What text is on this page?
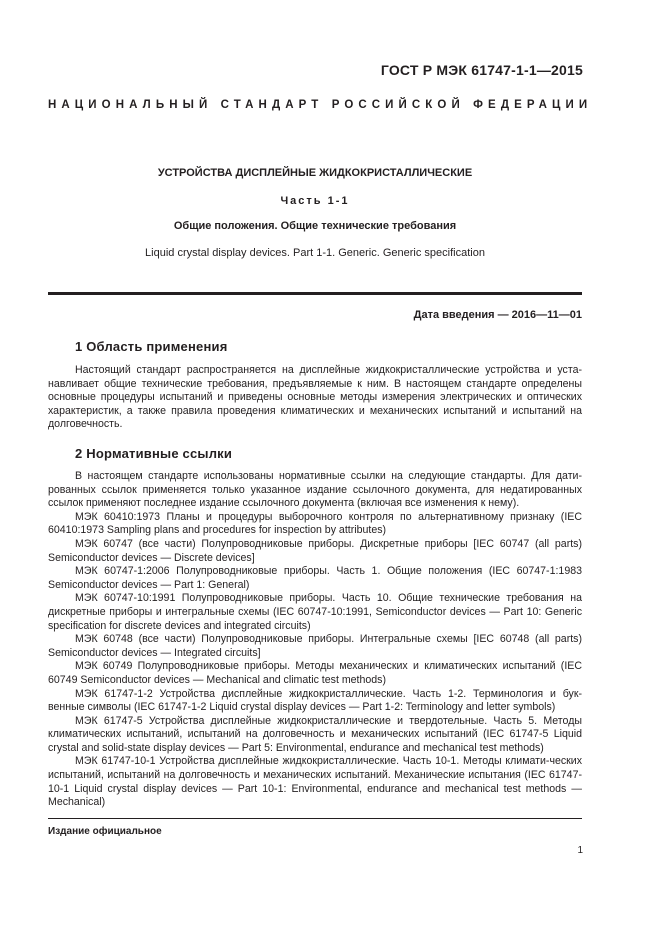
ГОСТ Р МЭК 61747-1-1—2015
НАЦИОНАЛЬНЫЙ СТАНДАРТ РОССИЙСКОЙ ФЕДЕРАЦИИ
УСТРОЙСТВА ДИСПЛЕЙНЫЕ ЖИДКОКРИСТАЛЛИЧЕСКИЕ
Часть 1-1
Общие положения. Общие технические требования
Liquid crystal display devices. Part 1-1. Generic. Generic specification
Дата введения — 2016—11—01
1 Область применения

Настоящий стандарт распространяется на дисплейные жидкокристаллические устройства и уста-навливает общие технические требования, предъявляемые к ним. В настоящем стандарте определены основные процедуры испытаний и приведены основные методы измерения электрических и оптических характеристик, а также правила проведения климатических и механических испытаний и испытаний на долговечность.

2 Нормативные ссылки

В настоящем стандарте использованы нормативные ссылки на следующие стандарты. Для дати-рованных ссылок применяется только указанное издание ссылочного документа, для недатированных ссылок применяют последнее издание ссылочного документа (включая все изменения к нему).

МЭК 60410:1973 Планы и процедуры выборочного контроля по альтернативному признаку (IEC 60410:1973 Sampling plans and procedures for inspection by attributes)

МЭК 60747 (все части) Полупроводниковые приборы. Дискретные приборы [IEC 60747 (all parts) Semiconductor devices — Discrete devices]

МЭК 60747-1:2006 Полупроводниковые приборы. Часть 1. Общие положения (IEC 60747-1:1983 Semiconductor devices — Part 1: General)

МЭК 60747-10:1991 Полупроводниковые приборы. Часть 10. Общие технические требования на дискретные приборы и интегральные схемы (IEC 60747-10:1991, Semiconductor devices — Part 10: Generic specification for discrete devices and integrated circuits)

МЭК 60748 (все части) Полупроводниковые приборы. Интегральные схемы [IEC 60748 (all parts) Semiconductor devices — Integrated circuits]

МЭК 60749 Полупроводниковые приборы. Методы механических и климатических испытаний (IEC 60749 Semiconductor devices — Mechanical and climatic test methods)

МЭК 61747-1-2 Устройства дисплейные жидкокристаллические. Часть 1-2. Терминология и бук-венные символы (IEC 61747-1-2 Liquid crystal display devices — Part 1-2: Terminology and letter symbols)

МЭК 61747-5 Устройства дисплейные жидкокристаллические и твердотельные. Часть 5. Методы климатических испытаний, испытаний на долговечность и механических испытаний (IEC 61747-5 Liquid crystal and solid-state display devices — Part 5: Environmental, endurance and mechanical test methods)

МЭК 61747-10-1 Устройства дисплейные жидкокристаллические. Часть 10-1. Методы климати-ческих испытаний, испытаний на долговечность и механических испытаний. Механические испытания (IEC 61747-10-1 Liquid crystal display devices — Part 10-1: Environmental, endurance and mechanical test methods — Mechanical)

Издание официальное
1
